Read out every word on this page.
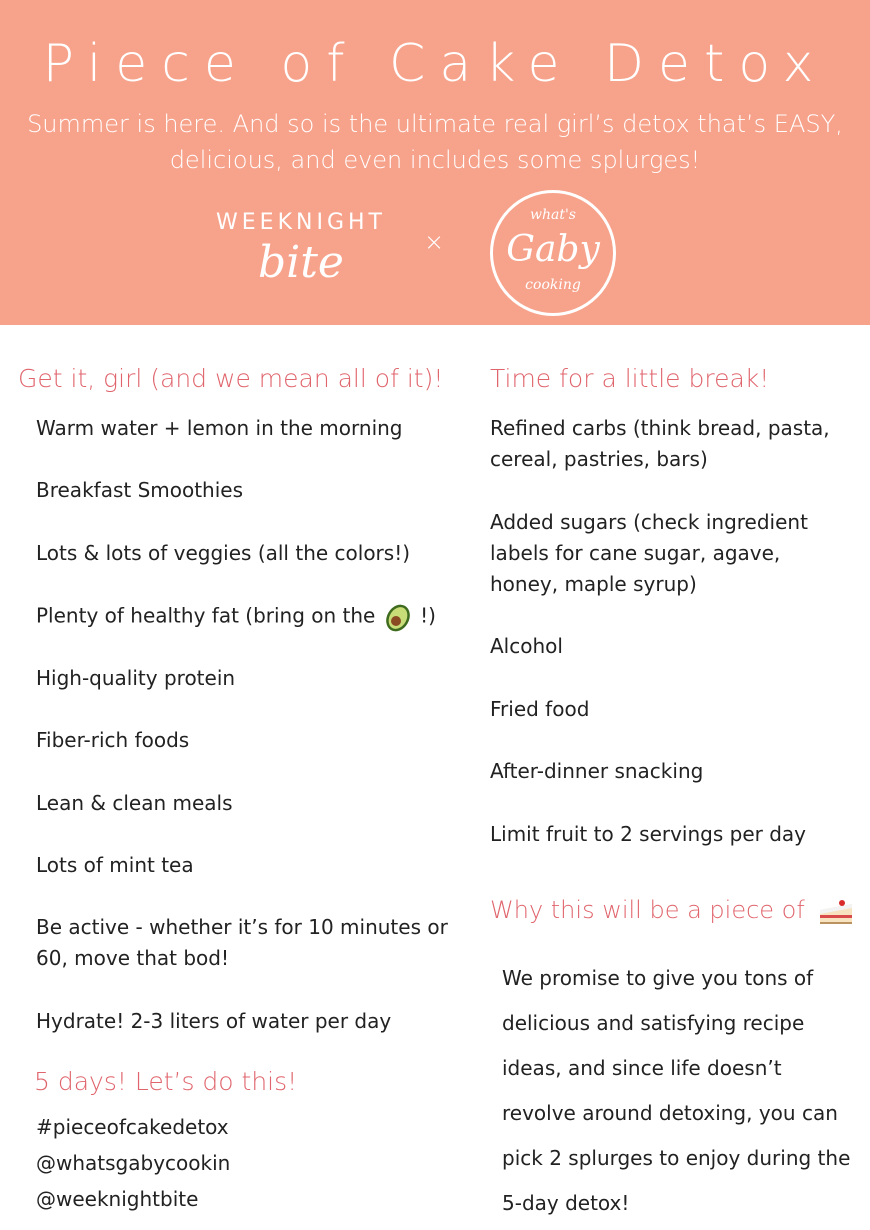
Piece of Cake Detox
Summer is here. And so is the ultimate real girl’s detox that’s EASY, delicious, and even includes some splurges!
WEEKNIGHT
bite	×
what's
Gaby
cooking
Get it, girl (and we mean all of it)!
Warm water + lemon in the morning
Breakfast Smoothies
Lots & lots of veggies (all the colors!)
Plenty of healthy fat (bring on the !)
High-quality protein
Fiber-rich foods
Lean & clean meals
Lots of mint tea
Be active - whether it’s for 10 minutes or 60, move that bod!
Hydrate! 2-3 liters of water per day
5 days! Let’s do this!
#pieceofcakedetox
@whatsgabycookin
@weeknightbite
Time for a little break!
Refined carbs (think bread, pasta, cereal, pastries, bars)
Added sugars (check ingredient labels for cane sugar, agave, honey, maple syrup)
Alcohol
Fried food
After-dinner snacking
Limit fruit to 2 servings per day
Why this will be a piece of
We promise to give you tons of delicious and satisfying recipe ideas, and since life doesn’t revolve around detoxing, you can pick 2 splurges to enjoy during the 5-day detox!
